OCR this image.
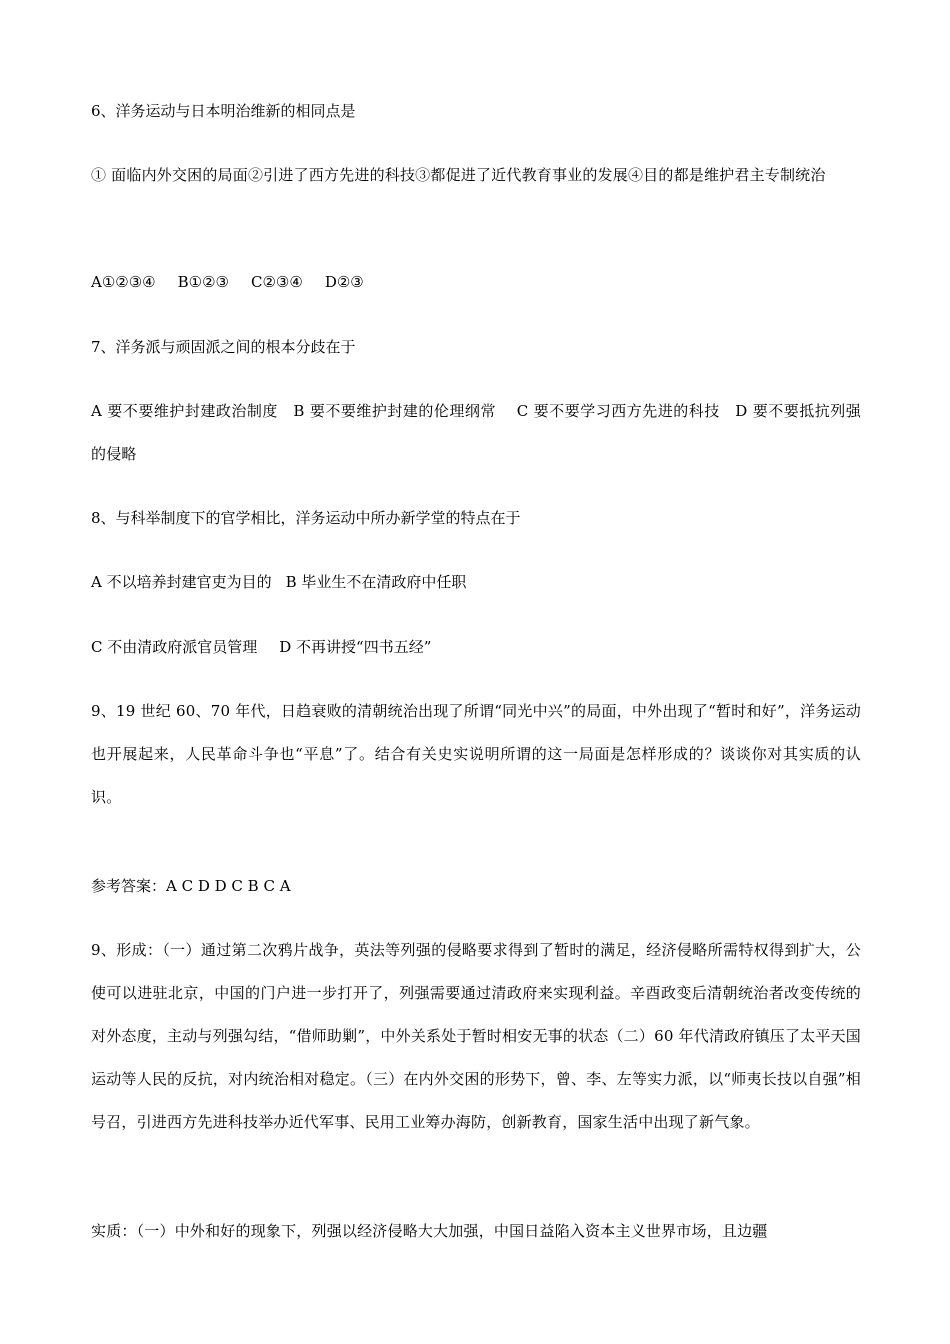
6、洋务运动与日本明治维新的相同点是
① 面临内外交困的局面②引进了西方先进的科技③都促进了近代教育事业的发展④目的都是维护君主专制统治
A①②③④ B①②③ C②③④ D②③
7、洋务派与顽固派之间的根本分歧在于
A 要不要维护封建政治制度　B 要不要维护封建的伦理纲常　 C 要不要学习西方先进的科技　D 要不要抵抗列强的侵略
8、与科举制度下的官学相比，洋务运动中所办新学堂的特点在于
A 不以培养封建官吏为目的 B 毕业生不在清政府中任职
C 不由清政府派官员管理 D 不再讲授“四书五经”
9、19 世纪 60、70 年代，日趋衰败的清朝统治出现了所谓“同光中兴”的局面，中外出现了“暂时和好”，洋务运动也开展起来，人民革命斗争也“平息”了。结合有关史实说明所谓的这一局面是怎样形成的？谈谈你对其实质的认识。
参考答案：A C D D C B C A
9、形成：（一）通过第二次鸦片战争，英法等列强的侵略要求得到了暂时的满足，经济侵略所需特权得到扩大，公使可以进驻北京，中国的门户进一步打开了，列强需要通过清政府来实现利益。辛酉政变后清朝统治者改变传统的对外态度，主动与列强勾结，“借师助剿”，中外关系处于暂时相安无事的状态（二）60 年代清政府镇压了太平天国运动等人民的反抗，对内统治相对稳定。（三）在内外交困的形势下，曾、李、左等实力派，以“师夷长技以自强”相号召，引进西方先进科技举办近代军事、民用工业筹办海防，创新教育，国家生活中出现了新气象。
实质：（一）中外和好的现象下，列强以经济侵略大大加强，中国日益陷入资本主义世界市场，且边疆
